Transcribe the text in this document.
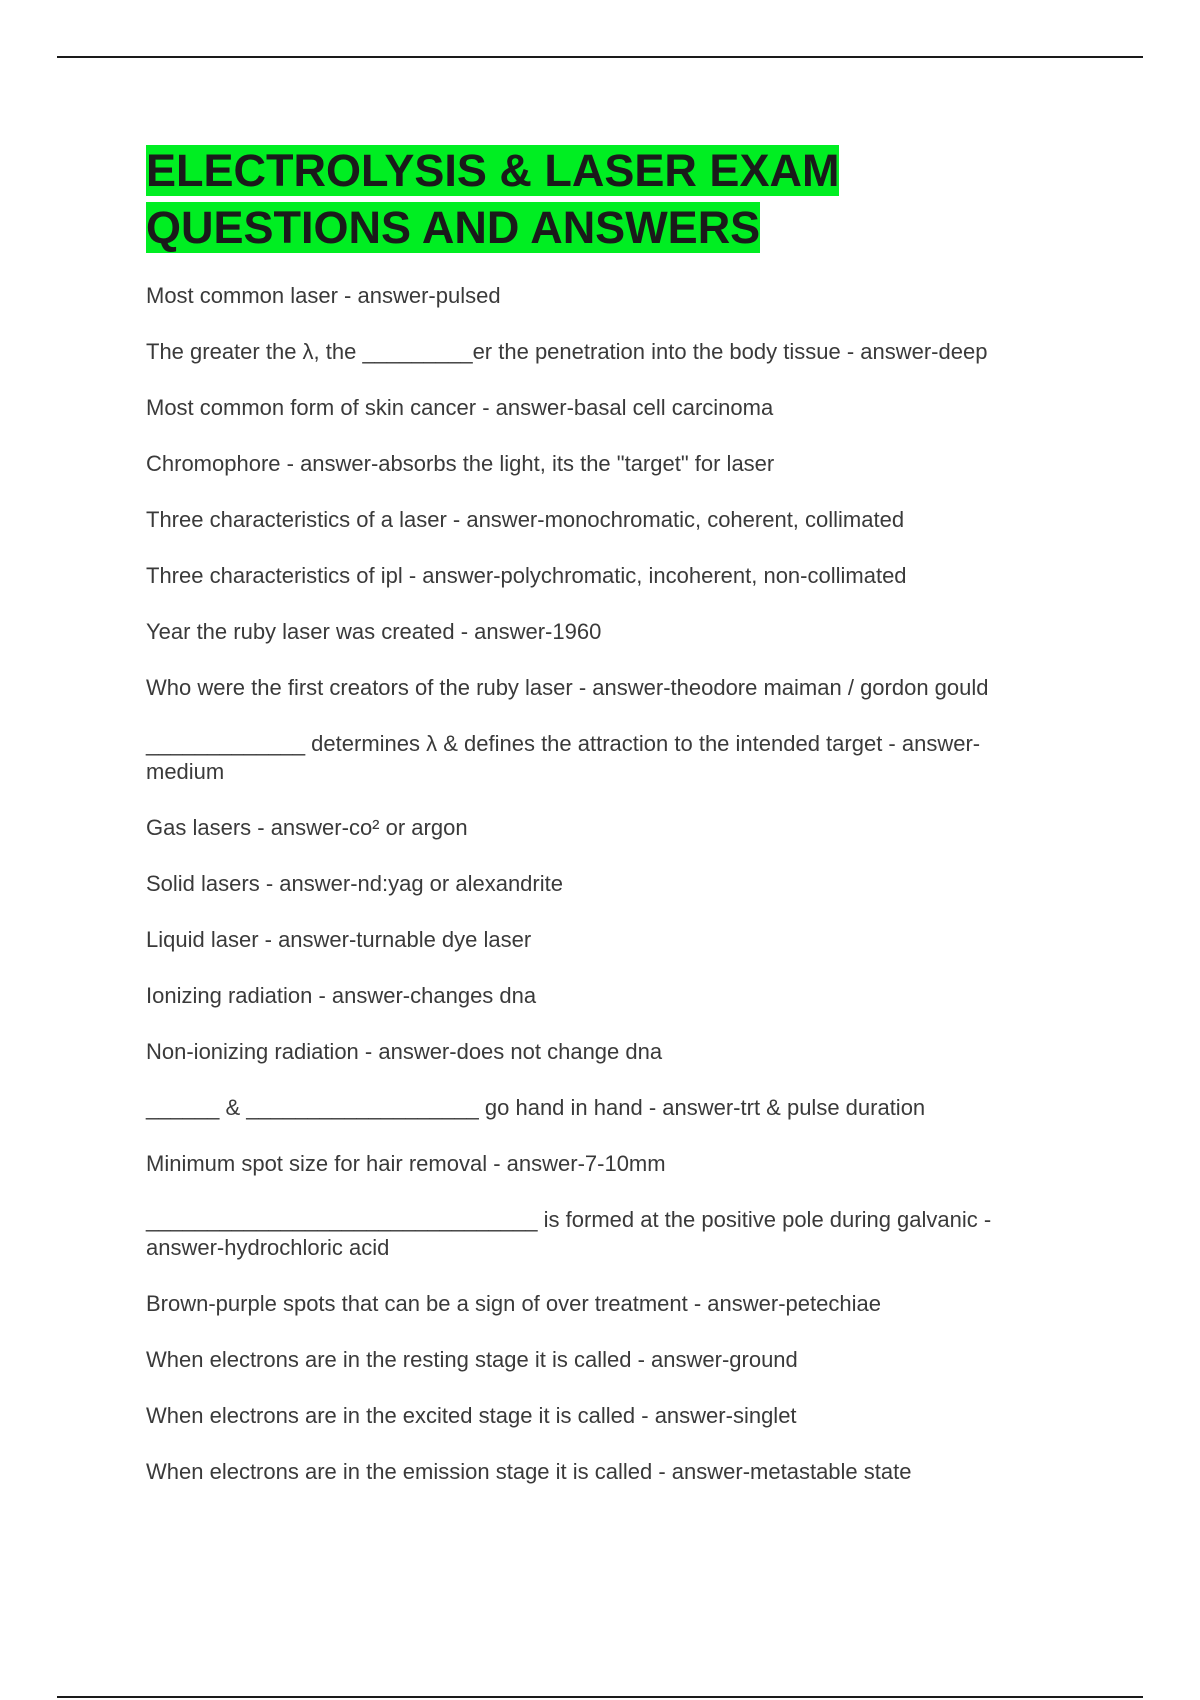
ELECTROLYSIS & LASER EXAM
QUESTIONS AND ANSWERS

Most common laser - answer-pulsed

The greater the λ, the _________er the penetration into the body tissue - answer-deep

Most common form of skin cancer - answer-basal cell carcinoma

Chromophore - answer-absorbs the light, its the "target" for laser

Three characteristics of a laser - answer-monochromatic, coherent, collimated

Three characteristics of ipl - answer-polychromatic, incoherent, non-collimated

Year the ruby laser was created - answer-1960

Who were the first creators of the ruby laser - answer-theodore maiman / gordon gould

_____________ determines λ & defines the attraction to the intended target - answer-medium

Gas lasers - answer-co² or argon

Solid lasers - answer-nd:yag or alexandrite

Liquid laser - answer-turnable dye laser

Ionizing radiation - answer-changes dna

Non-ionizing radiation - answer-does not change dna

______ & ___________________ go hand in hand - answer-trt & pulse duration

Minimum spot size for hair removal - answer-7-10mm

________________________________ is formed at the positive pole during galvanic - answer-hydrochloric acid

Brown-purple spots that can be a sign of over treatment - answer-petechiae

When electrons are in the resting stage it is called - answer-ground

When electrons are in the excited stage it is called - answer-singlet

When electrons are in the emission stage it is called - answer-metastable state
